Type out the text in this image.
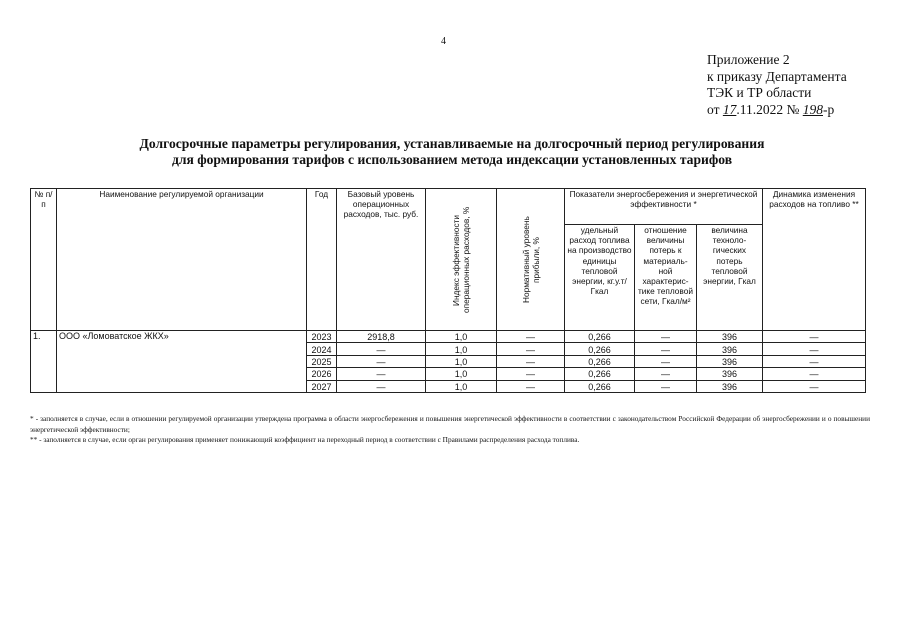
4
Приложение 2
к приказу Департамента
ТЭК и ТР области
от 17.11.2022 № 198-р
Долгосрочные параметры регулирования, устанавливаемые на долгосрочный период регулирования
для формирования тарифов с использованием метода индексации установленных тарифов
№ п/п	Наименование регулируемой организации	Год	Базовый уровень операционных расходов, тыс. руб.	Индекс эффективности операционных расходов, %	Нормативный уровень прибыли, %	Показатели энергосбережения и энергетической эффективности *			Динамика изменения расходов на топливо **
						удельный расход топлива на производство единицы тепловой энергии, кг.у.т/Гкал	отношение величины потерь к материаль-ной характерис-тике тепловой сети, Гкал/м²	величина техноло-гических потерь тепловой энергии, Гкал	
1.	ООО «Ломоватское ЖКХ»	2023	2918,8	1,0	—	0,266	—	396	—
		2024	—	1,0	—	0,266	—	396	—
		2025	—	1,0	—	0,266	—	396	—
		2026	—	1,0	—	0,266	—	396	—
		2027	—	1,0	—	0,266	—	396	—

* - заполняется в случае, если в отношении регулируемой организации утверждена программа в области энергосбережения и повышения энергетической эффективности в соответствии с законодательством Российской Федерации об энергосбережении и о повышении энергетической эффективности;

** - заполняется в случае, если орган регулирования применяет понижающий коэффициент на переходный период в соответствии с Правилами распределения расхода топлива.
